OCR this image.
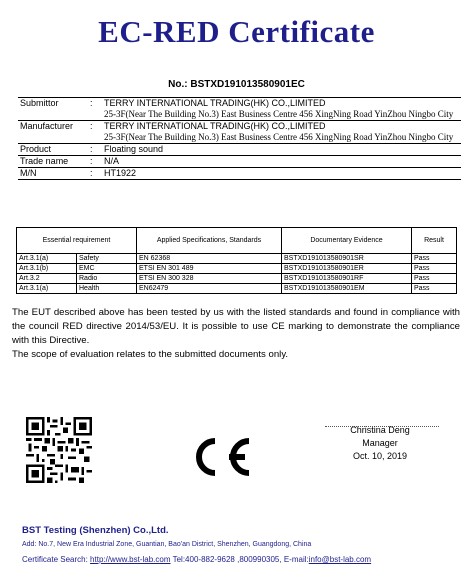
EC-RED Certificate
No.: BSTXD191013580901EC
Submittor	:	TERRY INTERNATIONAL TRADING(HK) CO.,LIMITED
25-3F(Near The Building No.3) East Business Centre 456 XingNing Road YinZhou Ningbo City
Manufacturer	:	TERRY INTERNATIONAL TRADING(HK) CO.,LIMITED
25-3F(Near The Building No.3) East Business Centre 456 XingNing Road YinZhou Ningbo City
Product	:	Floating sound
Trade name	:	N/A
M/N	:	HT1922
Essential requirement		Applied Specifications, Standards	Documentary Evidence	Result
Art.3.1(a)	Safety	EN 62368	BSTXD191013580901SR	Pass
Art.3.1(b)	EMC	ETSI EN 301 489	BSTXD191013580901ER	Pass
Art.3.2	Radio	ETSI EN 300 328	BSTXD191013580901RF	Pass
Art.3.1(a)	Health	EN62479	BSTXD191013580901EM	Pass
The EUT described above has been tested by us with the listed standards and found in compliance with the council RED directive 2014/53/EU. It is possible to use CE marking to demonstrate the compliance with this Directive.
The scope of evaluation relates to the submitted documents only.
Christina Deng
Manager
Oct. 10, 2019
BST Testing (Shenzhen) Co.,Ltd.
Add: No.7, New Era Industrial Zone, Guantian, Bao'an District, Shenzhen, Guangdong, China
Certificate Search: http://www.bst-lab.com Tel:400-882-9628 ,800990305, E-mail:info@bst-lab.com
